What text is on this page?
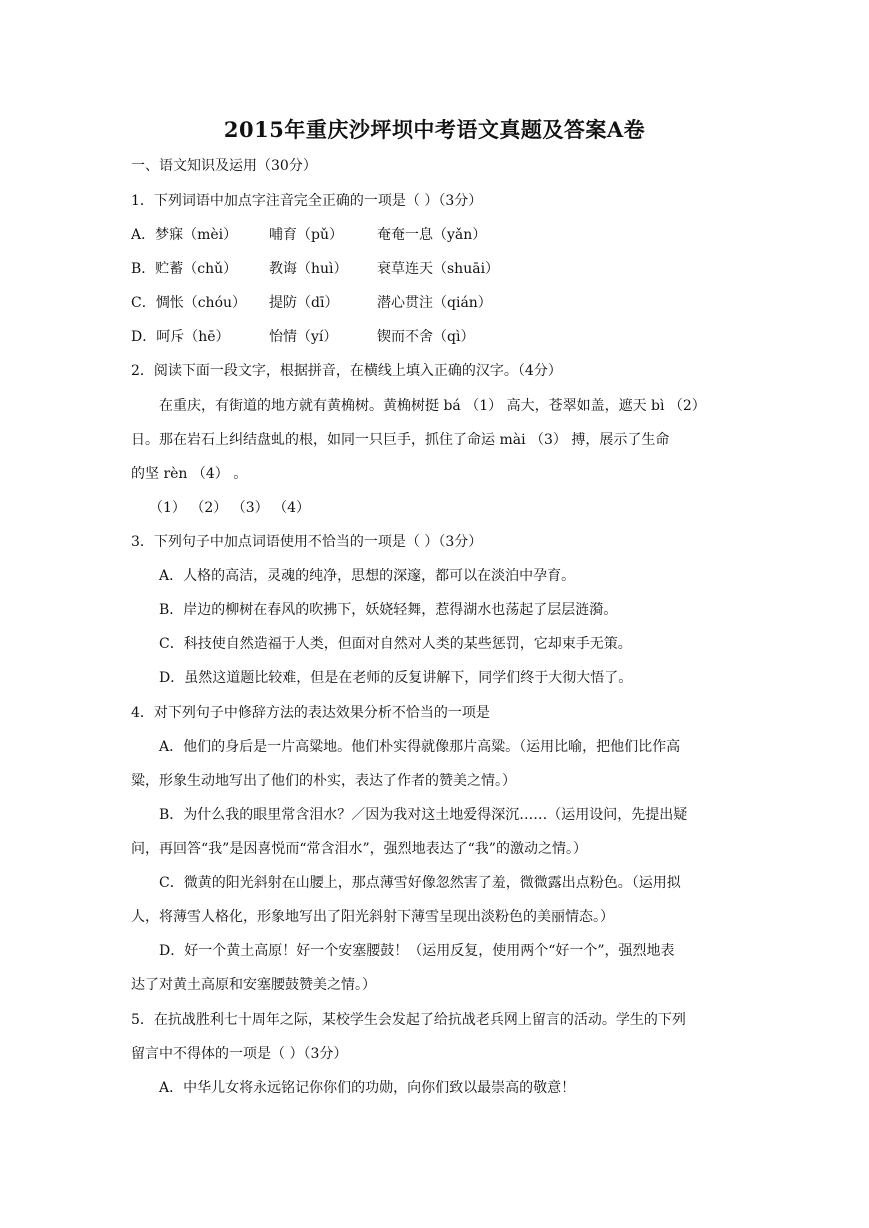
2015年重庆沙坪坝中考语文真题及答案A卷
一、语文知识及运用（30分）
1．下列词语中加点字注音完全正确的一项是（ ）（3分）
A．梦寐（mèi） 哺育（pǔ） 奄奄一息（yǎn）
B．贮蓄（chǔ） 教诲（huì） 衰草连天（shuāi）
C．惆怅（chóu） 提防（dī）	潜心贯注（qián）
D．呵斥（hē）	怡情（yí）	锲而不舍（qì）
2．阅读下面一段文字，根据拼音，在横线上填入正确的汉字。（4分）
在重庆，有街道的地方就有黄桷树。黄桷树挺 bá （1） 高大，苍翠如盖，遮天 bì （2）
日。那在岩石上纠结盘虬的根，如同一只巨手，抓住了命运 mài （3） 搏，展示了生命
的坚 rèn （4） 。
（1） （2） （3） （4）
3．下列句子中加点词语使用不恰当的一项是（ ）（3分）
A．人格的高洁，灵魂的纯净，思想的深邃，都可以在淡泊中孕育。
B．岸边的柳树在春风的吹拂下，妖娆轻舞，惹得湖水也荡起了层层涟漪。
C．科技使自然造福于人类，但面对自然对人类的某些惩罚，它却束手无策。
D．虽然这道题比较难，但是在老师的反复讲解下，同学们终于大彻大悟了。
4．对下列句子中修辞方法的表达效果分析不恰当的一项是
A．他们的身后是一片高粱地。他们朴实得就像那片高粱。（运用比喻，把他们比作高
粱，形象生动地写出了他们的朴实，表达了作者的赞美之情。）
B．为什么我的眼里常含泪水？／因为我对这土地爱得深沉……（运用设问，先提出疑
问，再回答“我”是因喜悦而“常含泪水”，强烈地表达了“我”的激动之情。）
C．微黄的阳光斜射在山腰上，那点薄雪好像忽然害了羞，微微露出点粉色。（运用拟
人，将薄雪人格化，形象地写出了阳光斜射下薄雪呈现出淡粉色的美丽情态。）
D．好一个黄土高原！好一个安塞腰鼓！（运用反复，使用两个“好一个”，强烈地表
达了对黄土高原和安塞腰鼓赞美之情。）
5．在抗战胜利七十周年之际，某校学生会发起了给抗战老兵网上留言的活动。学生的下列
留言中不得体的一项是（ ）（3分）
A．中华儿女将永远铭记你你们的功勋，向你们致以最崇高的敬意！
